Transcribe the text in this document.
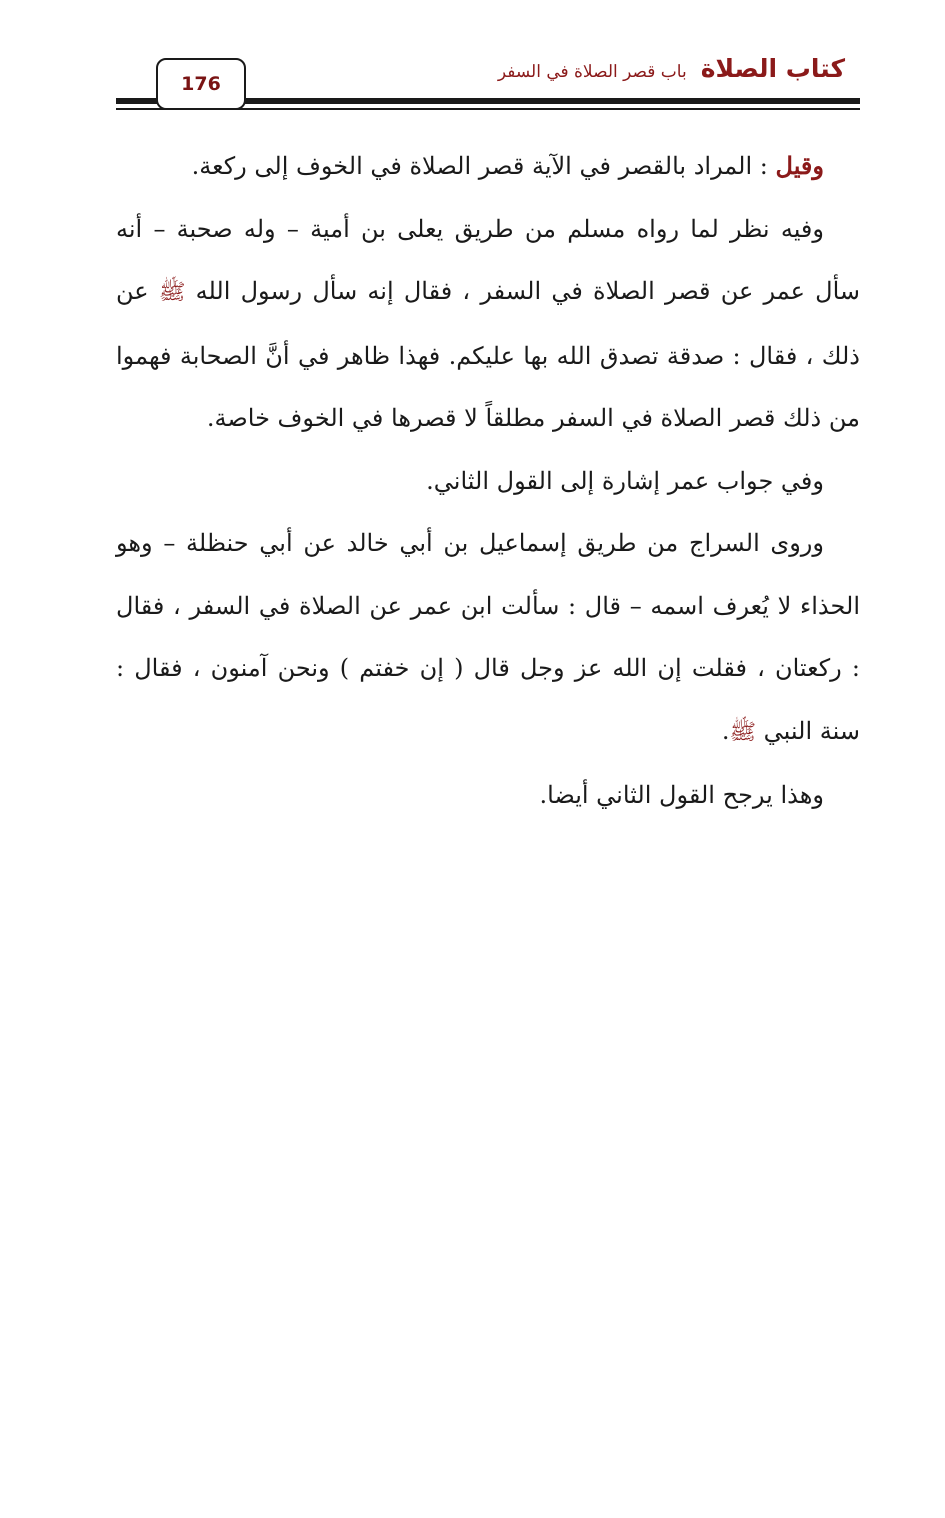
176
كتاب الصلاة
باب قصر الصلاة في السفر

وقيل : المراد بالقصر في الآية قصر الصلاة في الخوف إلى ركعة.

وفيه نظر لما رواه مسلم من طريق يعلى بن أمية – وله صحبة – أنه سأل عمر عن قصر الصلاة في السفر ، فقال إنه سأل رسول الله ﷺ عن ذلك ، فقال : صدقة تصدق الله بها عليكم. فهذا ظاهر في أنَّ الصحابة فهموا من ذلك قصر الصلاة في السفر مطلقاً لا قصرها في الخوف خاصة.

وفي جواب عمر إشارة إلى القول الثاني.

وروى السراج من طريق إسماعيل بن أبي خالد عن أبي حنظلة – وهو الحذاء لا يُعرف اسمه – قال : سألت ابن عمر عن الصلاة في السفر ، فقال : ركعتان ، فقلت إن الله عز وجل قال ( إن خفتم ) ونحن آمنون ، فقال : سنة النبي ﷺ.

وهذا يرجح القول الثاني أيضا.
